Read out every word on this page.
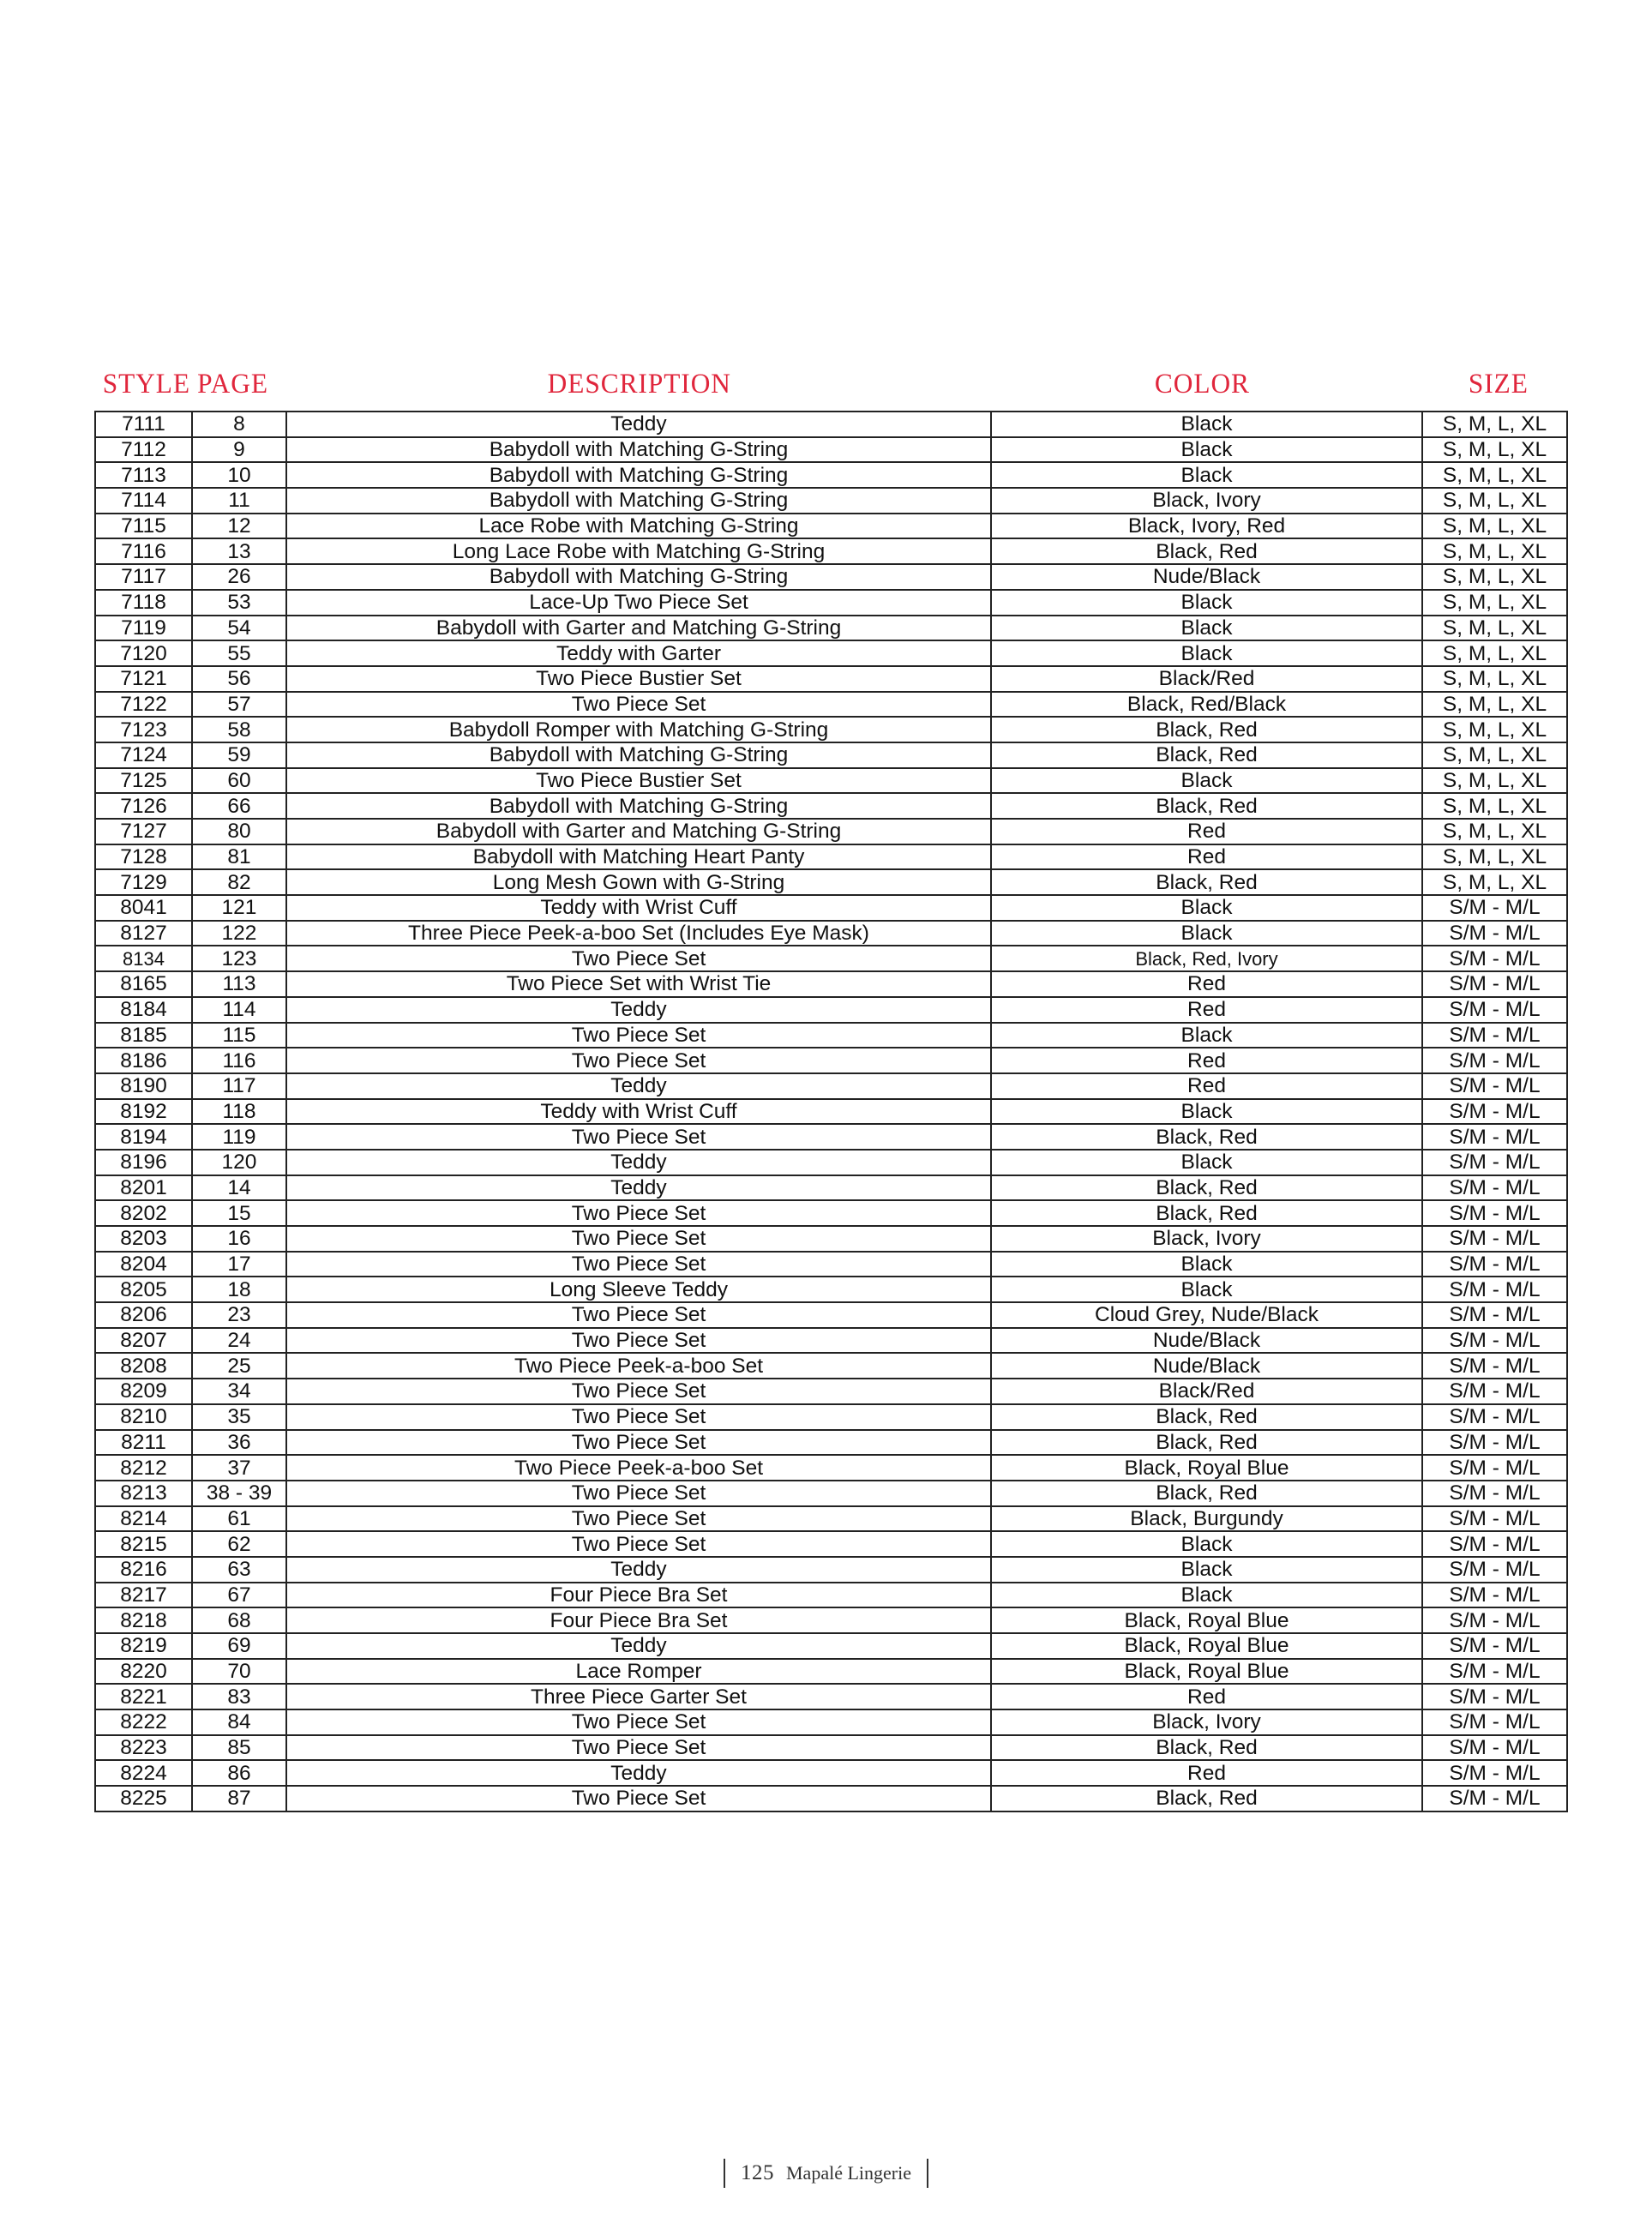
STYLE PAGE	DESCRIPTION	COLOR	SIZE
7111	8	Teddy	Black	S, M, L, XL
7112	9	Babydoll with Matching G-String	Black	S, M, L, XL
7113	10	Babydoll with Matching G-String	Black	S, M, L, XL
7114	11	Babydoll with Matching G-String	Black, Ivory	S, M, L, XL
7115	12	Lace Robe with Matching G-String	Black, Ivory, Red	S, M, L, XL
7116	13	Long Lace Robe with Matching G-String	Black, Red	S, M, L, XL
7117	26	Babydoll with Matching G-String	Nude/Black	S, M, L, XL
7118	53	Lace-Up Two Piece Set	Black	S, M, L, XL
7119	54	Babydoll with Garter and Matching G-String	Black	S, M, L, XL
7120	55	Teddy with Garter	Black	S, M, L, XL
7121	56	Two Piece Bustier Set	Black/Red	S, M, L, XL
7122	57	Two Piece Set	Black, Red/Black	S, M, L, XL
7123	58	Babydoll Romper with Matching G-String	Black, Red	S, M, L, XL
7124	59	Babydoll with Matching G-String	Black, Red	S, M, L, XL
7125	60	Two Piece Bustier Set	Black	S, M, L, XL
7126	66	Babydoll with Matching G-String	Black, Red	S, M, L, XL
7127	80	Babydoll with Garter and Matching G-String	Red	S, M, L, XL
7128	81	Babydoll with Matching Heart Panty	Red	S, M, L, XL
7129	82	Long Mesh Gown with G-String	Black, Red	S, M, L, XL
8041	121	Teddy with Wrist Cuff	Black	S/M - M/L
8127	122	Three Piece Peek-a-boo Set (Includes Eye Mask)	Black	S/M - M/L
8134	123	Two Piece Set	Black, Red, Ivory	S/M - M/L
8165	113	Two Piece Set with Wrist Tie	Red	S/M - M/L
8184	114	Teddy	Red	S/M - M/L
8185	115	Two Piece Set	Black	S/M - M/L
8186	116	Two Piece Set	Red	S/M - M/L
8190	117	Teddy	Red	S/M - M/L
8192	118	Teddy with Wrist Cuff	Black	S/M - M/L
8194	119	Two Piece Set	Black, Red	S/M - M/L
8196	120	Teddy	Black	S/M - M/L
8201	14	Teddy	Black, Red	S/M - M/L
8202	15	Two Piece Set	Black, Red	S/M - M/L
8203	16	Two Piece Set	Black, Ivory	S/M - M/L
8204	17	Two Piece Set	Black	S/M - M/L
8205	18	Long Sleeve Teddy	Black	S/M - M/L
8206	23	Two Piece Set	Cloud Grey, Nude/Black	S/M - M/L
8207	24	Two Piece Set	Nude/Black	S/M - M/L
8208	25	Two Piece Peek-a-boo Set	Nude/Black	S/M - M/L
8209	34	Two Piece Set	Black/Red	S/M - M/L
8210	35	Two Piece Set	Black, Red	S/M - M/L
8211	36	Two Piece Set	Black, Red	S/M - M/L
8212	37	Two Piece Peek-a-boo Set	Black, Royal Blue	S/M - M/L
8213	38 - 39	Two Piece Set	Black, Red	S/M - M/L
8214	61	Two Piece Set	Black, Burgundy	S/M - M/L
8215	62	Two Piece Set	Black	S/M - M/L
8216	63	Teddy	Black	S/M - M/L
8217	67	Four Piece Bra Set	Black	S/M - M/L
8218	68	Four Piece Bra Set	Black, Royal Blue	S/M - M/L
8219	69	Teddy	Black, Royal Blue	S/M - M/L
8220	70	Lace Romper	Black, Royal Blue	S/M - M/L
8221	83	Three Piece Garter Set	Red	S/M - M/L
8222	84	Two Piece Set	Black, Ivory	S/M - M/L
8223	85	Two Piece Set	Black, Red	S/M - M/L
8224	86	Teddy	Red	S/M - M/L
8225	87	Two Piece Set	Black, Red	S/M - M/L
125 Mapalé Lingerie
